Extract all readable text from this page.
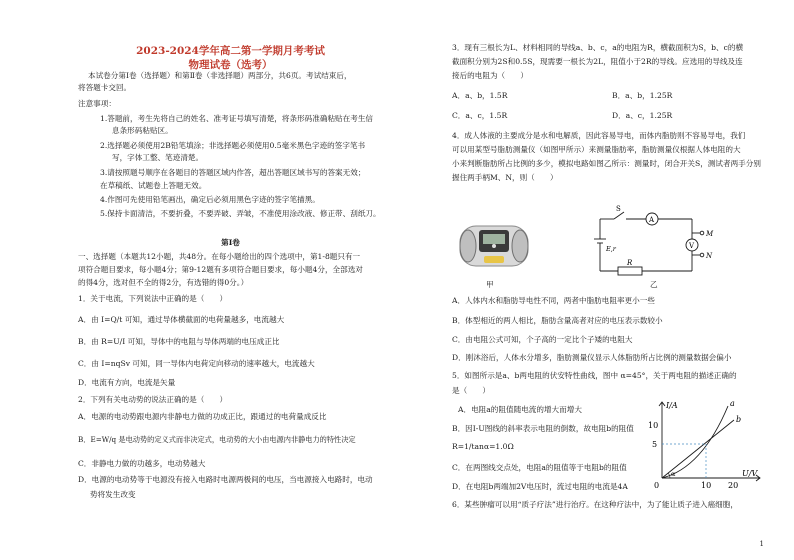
2023-2024学年高二第一学期月考考试
物理试卷（选考）

本试卷分第Ⅰ卷（选择题）和第Ⅱ卷（非选择题）两部分，共6页。考试结束后，

将答题卡交回。

注意事项：

1.答题前，考生先将自己的姓名、准考证号填写清楚，将条形码准确粘贴在考生信

息条形码粘贴区。

2.选择题必须使用2B铅笔填涂；非选择题必须使用0.5毫米黑色字迹的签字笔书

写，字体工整、笔迹清楚。

3.请按照题号顺序在各题目的答题区域内作答，超出答题区域书写的答案无效；

在草稿纸、试题卷上答题无效。

4.作图可先使用铅笔画出，确定后必须用黑色字迹的签字笔描黑。

5.保持卡面清洁，不要折叠，不要弄破、弄皱，不准使用涂改液、修正带、刮纸刀。

第Ⅰ卷

一、选择题（本题共12小题，共48分。在每小题给出的四个选项中，第1-8题只有一

项符合题目要求，每小题4分；第9-12题有多项符合题目要求，每小题4分，全部选对

的得4分，选对但不全的得2分，有选错的得0分。）

1．关于电流，下列说法中正确的是（　　）

A．由 I=Q/t 可知，通过导体横截面的电荷量越多，电流越大

B．由 R=U/I 可知，导体中的电阻与导体两端的电压成正比

C．由 I=nqSv 可知，同一导体内电荷定向移动的速率越大，电流越大

D．电流有方向，电流是矢量

2．下列有关电动势的说法正确的是（　　）

A．电源的电动势跟电源内非静电力做的功成正比，跟通过的电荷量成反比

B．E=W/q 是电动势的定义式而非决定式，电动势的大小由电源内非静电力的特性决定

C．非静电力做的功越多，电动势越大

D．电源的电动势等于电源没有接入电路时电源两极间的电压，当电源接入电路时，电动

势将发生改变

3．现有三根长为L、材料相同的导线a、b、c，a的电阻为R，横截面积为S，b、c的横

截面积分别为2S和0.5S，现需要一根长为2L，阻值小于2R的导线。应选用的导线及连

接后的电阻为（　　）

A．a、b，1.5R	B．a、b，1.25R

C．a、c，1.5R	D．a、c，1.25R

4．成人体液的主要成分是水和电解质，因此容易导电，而体内脂肪则不容易导电，我们

可以用某型号脂肪测量仪（如图甲所示）来测量脂肪率，脂肪测量仪根据人体电阻的大

小来判断脂肪所占比例的多少，模拟电路如图乙所示：测量时，闭合开关S，测试者两手分别

握住两手柄M、N，则（　　）

甲

S
A
V
E,r
R
M
N

乙

A．人体内水和脂肪导电性不同，两者中脂肪电阻率更小一些

B．体型相近的两人相比，脂肪含量高者对应的电压表示数较小

C．由电阻公式可知，个子高的一定比个子矮的电阻大

D．刚沐浴后，人体水分增多，脂肪测量仪显示人体脂肪所占比例的测量数据会偏小

5．如图所示是a、b两电阻的伏安特性曲线，图中 α=45°，关于两电阻的描述正确的

是（　　）

A．电阻a的阻值随电流的增大而增大

B．因I-U图线的斜率表示电阻的倒数，故电阻b的阻值

R=1/tanα=1.0Ω

C．在两图线交点处，电阻a的阻值等于电阻b的阻值

D．在电阻b两端加2V电压时，流过电阻的电流是4A

6．某些肿瘤可以用“质子疗法”进行治疗。在这种疗法中，为了能让质子进入癌细胞，

I/A
U/V
10
5
0	10 20
a
b
α
1
